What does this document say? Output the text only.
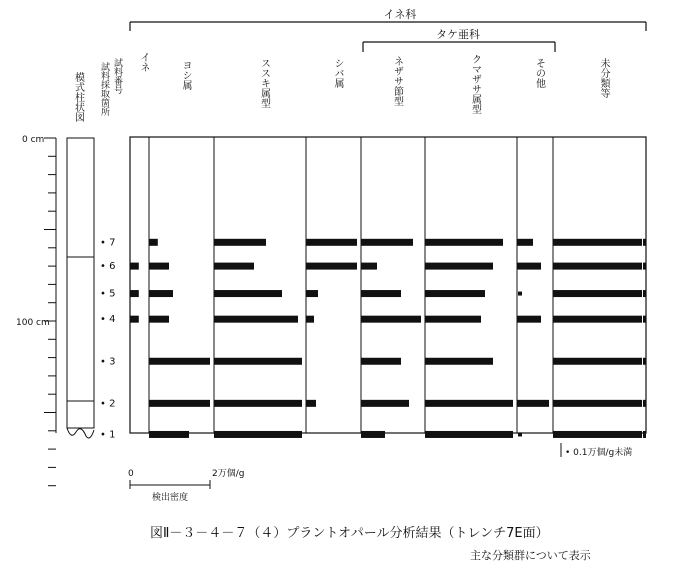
イネ科
タケ亜科
試料番号
試料採取箇所
模式柱状図
イネ	ヨシ属	ススキ属型	シバ属	ネザサ節型	クマザサ属型	その他	未分類等
0 cm
100 cm
• 7
• 6
• 5
• 4
• 3
• 2
• 1
0	2万個/g
検出密度
• 0.1万個/g未満
図Ⅱ－３－４－７（４）プラントオパール分析結果（トレンチ7E面）
主な分類群について表示
